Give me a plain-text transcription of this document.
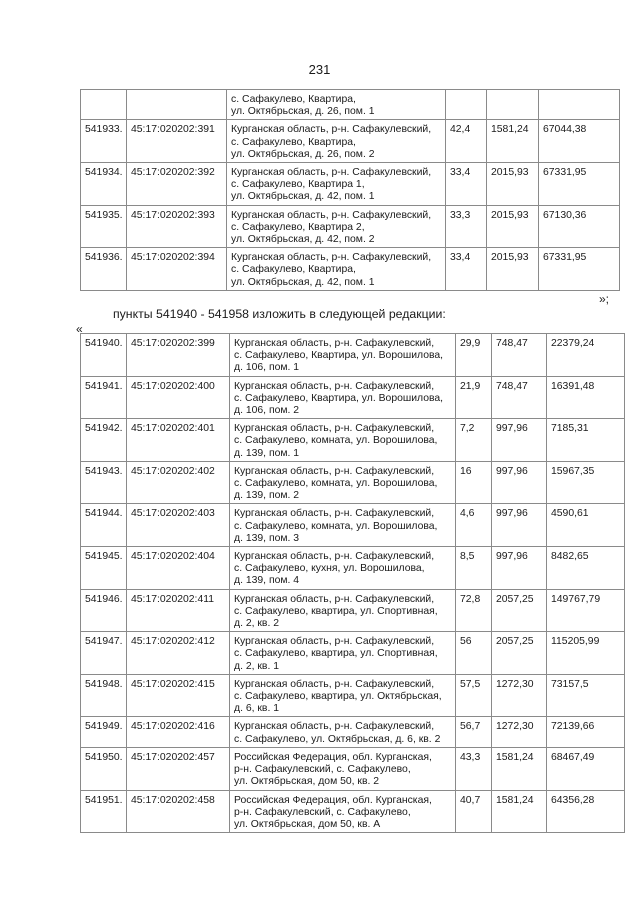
231
		с. Сафакулево, Квартира,
ул. Октябрьская, д. 26, пом. 1			
541933.	45:17:020202:391	Курганская область, р-н. Сафакулевский,
с. Сафакулево, Квартира,
ул. Октябрьская, д. 26, пом. 2	42,4	1581,24	67044,38
541934.	45:17:020202:392	Курганская область, р-н. Сафакулевский,
с. Сафакулево, Квартира 1,
ул. Октябрьская, д. 42, пом. 1	33,4	2015,93	67331,95
541935.	45:17:020202:393	Курганская область, р-н. Сафакулевский,
с. Сафакулево, Квартира 2,
ул. Октябрьская, д. 42, пом. 2	33,3	2015,93	67130,36
541936.	45:17:020202:394	Курганская область, р-н. Сафакулевский,
с. Сафакулево, Квартира,
ул. Октябрьская, д. 42, пом. 1	33,4	2015,93	67331,95
»;
пункты 541940 - 541958 изложить в следующей редакции:
«
541940.	45:17:020202:399	Курганская область, р-н. Сафакулевский,
с. Сафакулево, Квартира, ул. Ворошилова,
д. 106, пом. 1	29,9	748,47	22379,24
541941.	45:17:020202:400	Курганская область, р-н. Сафакулевский,
с. Сафакулево, Квартира, ул. Ворошилова,
д. 106, пом. 2	21,9	748,47	16391,48
541942.	45:17:020202:401	Курганская область, р-н. Сафакулевский,
с. Сафакулево, комната, ул. Ворошилова,
д. 139, пом. 1	7,2	997,96	7185,31
541943.	45:17:020202:402	Курганская область, р-н. Сафакулевский,
с. Сафакулево, комната, ул. Ворошилова,
д. 139, пом. 2	16	997,96	15967,35
541944.	45:17:020202:403	Курганская область, р-н. Сафакулевский,
с. Сафакулево, комната, ул. Ворошилова,
д. 139, пом. 3	4,6	997,96	4590,61
541945.	45:17:020202:404	Курганская область, р-н. Сафакулевский,
с. Сафакулево, кухня, ул. Ворошилова,
д. 139, пом. 4	8,5	997,96	8482,65
541946.	45:17:020202:411	Курганская область, р-н. Сафакулевский,
с. Сафакулево, квартира, ул. Спортивная,
д. 2, кв. 2	72,8	2057,25	149767,79
541947.	45:17:020202:412	Курганская область, р-н. Сафакулевский,
с. Сафакулево, квартира, ул. Спортивная,
д. 2, кв. 1	56	2057,25	115205,99
541948.	45:17:020202:415	Курганская область, р-н. Сафакулевский,
с. Сафакулево, квартира, ул. Октябрьская,
д. 6, кв. 1	57,5	1272,30	73157,5
541949.	45:17:020202:416	Курганская область, р-н. Сафакулевский,
с. Сафакулево, ул. Октябрьская, д. 6, кв. 2	56,7	1272,30	72139,66
541950.	45:17:020202:457	Российская Федерация, обл. Курганская,
р-н. Сафакулевский, с. Сафакулево,
ул. Октябрьская, дом 50, кв. 2	43,3	1581,24	68467,49
541951.	45:17:020202:458	Российская Федерация, обл. Курганская,
р-н. Сафакулевский, с. Сафакулево,
ул. Октябрьская, дом 50, кв. А	40,7	1581,24	64356,28
